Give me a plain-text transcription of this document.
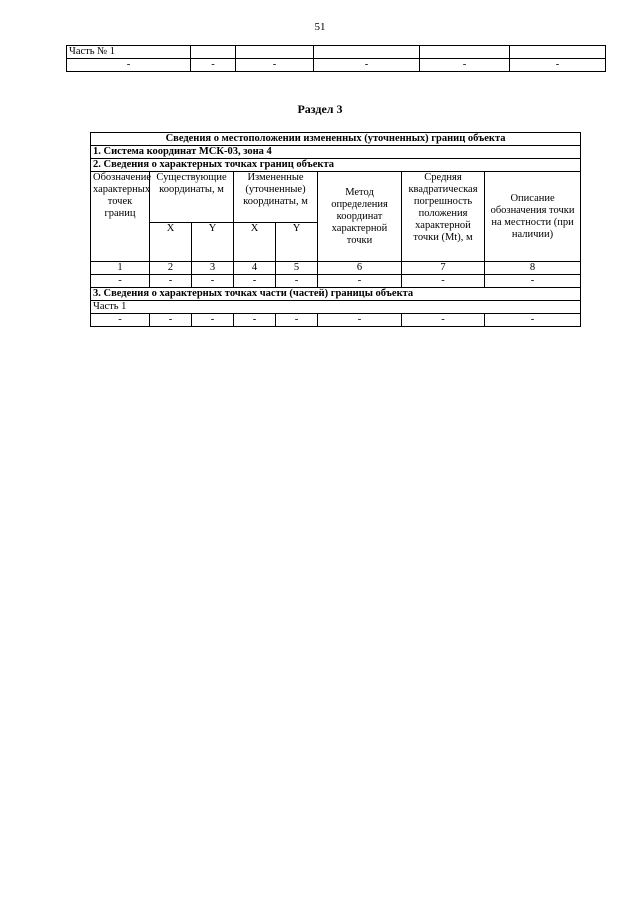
51
Часть № 1					
-	-	-	-	-	-
Раздел 3
Сведения о местоположении измененных (уточненных) границ объекта							
1. Система координат МСК-03, зона 4							
2. Сведения о характерных точках границ объекта							
Обозначение характерных точек границ	Существующие координаты, м		Измененные (уточненные) координаты, м		Метод определения координат характерной точки	Средняя квадратическая погрешность положения характерной точки (Mt), м	Описание обозначения точки на местности (при наличии)
	X	Y	X	Y			
1	2	3	4	5	6	7	8
-	-	-	-	-	-	-	-
3. Сведения о характерных точках части (частей) границы объекта							
Часть 1							
-	-	-	-	-	-	-	-
